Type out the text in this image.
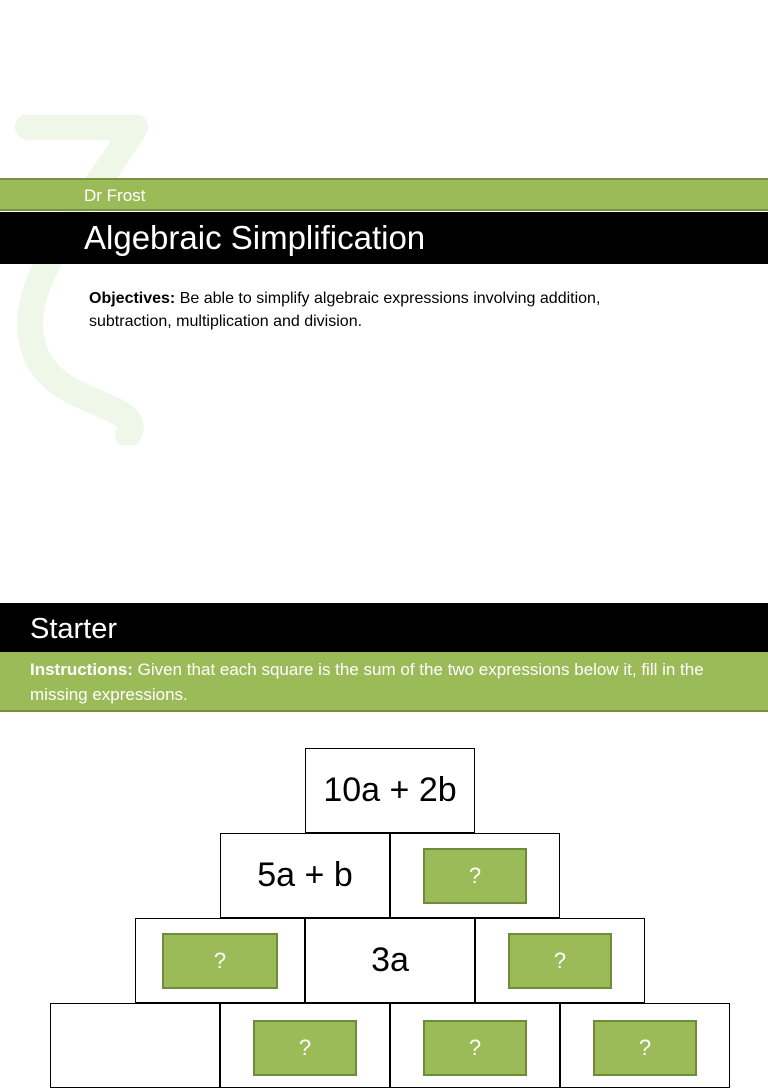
Dr Frost
Algebraic Simplification
Objectives: Be able to simplify algebraic expressions involving addition, subtraction, multiplication and division.
Starter
Instructions: Given that each square is the sum of the two expressions below it, fill in the missing expressions.
10a + 2b
5a + b	?
?	3a	?
?	?	?
